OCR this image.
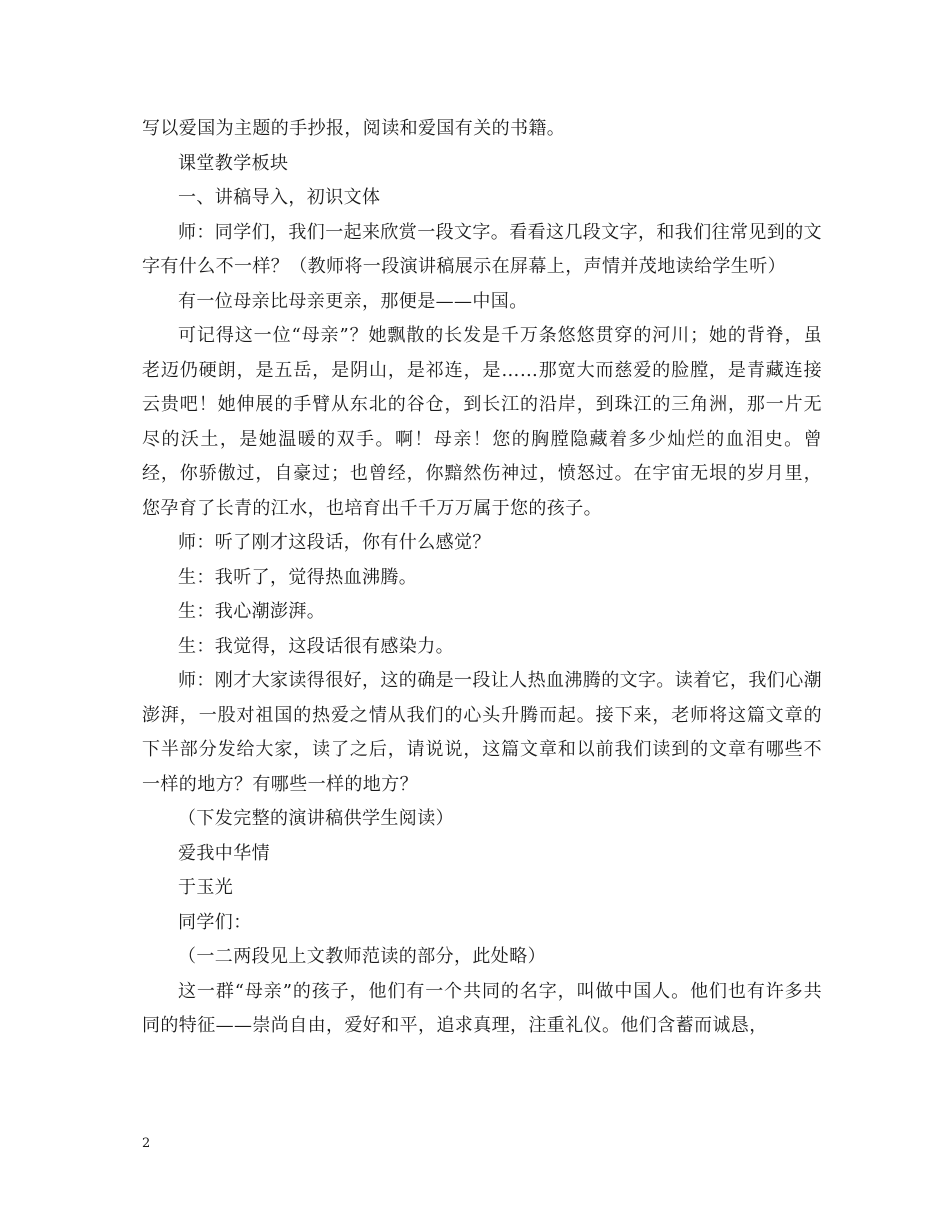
写以爱国为主题的手抄报，阅读和爱国有关的书籍。

课堂教学板块

一、讲稿导入，初识文体

师：同学们，我们一起来欣赏一段文字。看看这几段文字，和我们往常见到的文字有什么不一样？（教师将一段演讲稿展示在屏幕上，声情并茂地读给学生听）

有一位母亲比母亲更亲，那便是——中国。

可记得这一位“母亲”？她飘散的长发是千万条悠悠贯穿的河川；她的背脊，虽老迈仍硬朗，是五岳，是阴山，是祁连，是……那宽大而慈爱的脸膛，是青藏连接云贵吧！她伸展的手臂从东北的谷仓，到长江的沿岸，到珠江的三角洲，那一片无尽的沃土，是她温暖的双手。啊！母亲！您的胸膛隐藏着多少灿烂的血泪史。曾经，你骄傲过，自豪过；也曾经，你黯然伤神过，愤怒过。在宇宙无垠的岁月里，您孕育了长青的江水，也培育出千千万万属于您的孩子。

师：听了刚才这段话，你有什么感觉？

生：我听了，觉得热血沸腾。

生：我心潮澎湃。

生：我觉得，这段话很有感染力。

师：刚才大家读得很好，这的确是一段让人热血沸腾的文字。读着它，我们心潮澎湃，一股对祖国的热爱之情从我们的心头升腾而起。接下来，老师将这篇文章的下半部分发给大家，读了之后，请说说，这篇文章和以前我们读到的文章有哪些不一样的地方？有哪些一样的地方？

（下发完整的演讲稿供学生阅读）

爱我中华情

于玉光

同学们：

（一二两段见上文教师范读的部分，此处略）

这一群“母亲”的孩子，他们有一个共同的名字，叫做中国人。他们也有许多共同的特征——崇尚自由，爱好和平，追求真理，注重礼仪。他们含蓄而诚恳，

2
